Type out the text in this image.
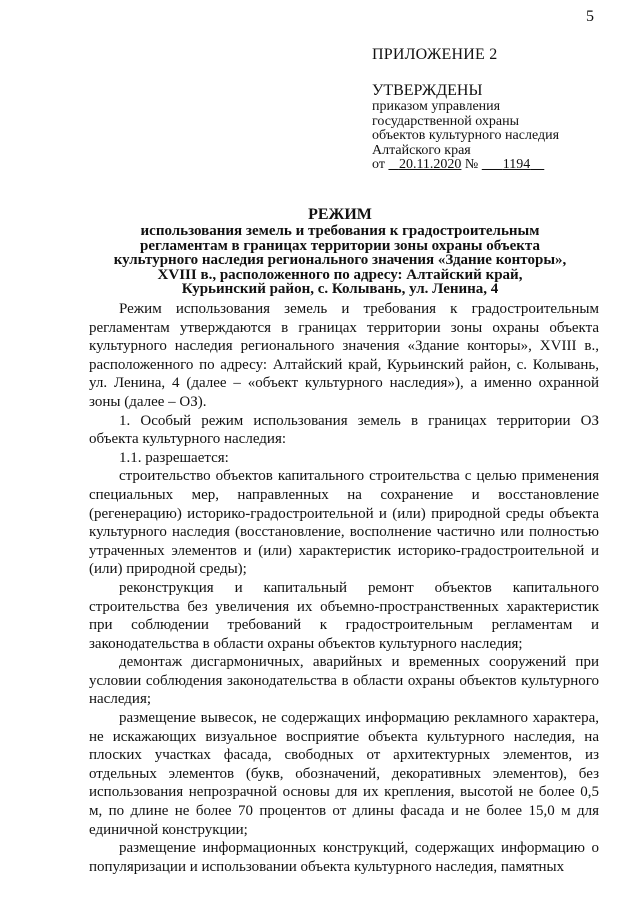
5
ПРИЛОЖЕНИЕ 2
УТВЕРЖДЕНЫ
приказом управления
государственной охраны
объектов культурного наследия
Алтайского края
от 20.11.2020 № 1194
РЕЖИМ
использования земель и требования к градостроительным
регламентам в границах территории зоны охраны объекта
культурного наследия регионального значения «Здание конторы»,
XVIII в., расположенного по адресу: Алтайский край,
Курьинский район, с. Колывань, ул. Ленина, 4

Режим использования земель и требования к градостроительным регламентам утверждаются в границах территории зоны охраны объекта культурного наследия регионального значения «Здание конторы», XVIII в., расположенного по адресу: Алтайский край, Курьинский район, с. Колывань, ул. Ленина, 4 (далее – «объект культурного наследия»), а именно охранной зоны (далее – ОЗ).

1. Особый режим использования земель в границах территории ОЗ объекта культурного наследия:

1.1. разрешается:

строительство объектов капитального строительства с целью применения специальных мер, направленных на сохранение и восстановление (регенерацию) историко-градостроительной и (или) природной среды объекта культурного наследия (восстановление, восполнение частично или полностью утраченных элементов и (или) характеристик историко-градостроительной и (или) природной среды);

реконструкция и капитальный ремонт объектов капитального строительства без увеличения их объемно-пространственных характеристик при соблюдении требований к градостроительным регламентам и законодательства в области охраны объектов культурного наследия;

демонтаж дисгармоничных, аварийных и временных сооружений при условии соблюдения законодательства в области охраны объектов культурного наследия;

размещение вывесок, не содержащих информацию рекламного характера, не искажающих визуальное восприятие объекта культурного наследия, на плоских участках фасада, свободных от архитектурных элементов, из отдельных элементов (букв, обозначений, декоративных элементов), без использования непрозрачной основы для их крепления, высотой не более 0,5 м, по длине не более 70 процентов от длины фасада и не более 15,0 м для единичной конструкции;

размещение информационных конструкций, содержащих информацию о популяризации и использовании объекта культурного наследия, памятных
